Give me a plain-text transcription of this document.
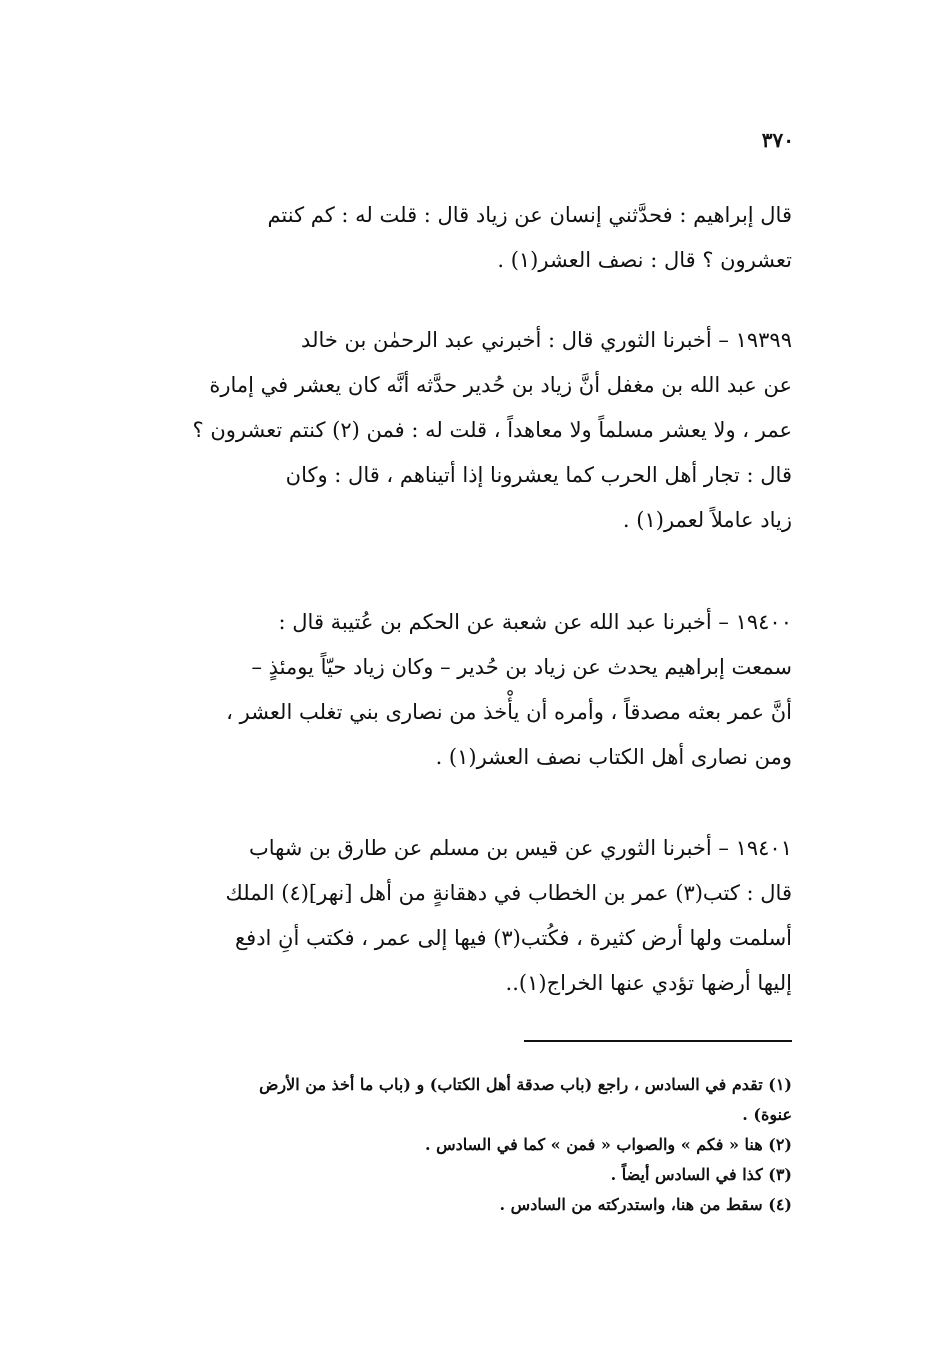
٣٧٠
قال إبراهيم : فحدَّثني إنسان عن زياد قال : قلت له : كم كنتم
تعشرون ؟ قال : نصف العشر(١) .
١٩٣٩٩ – أخبرنا الثوري قال : أخبرني عبد الرحمٰن بن خالد
عن عبد الله بن مغفل أنَّ زياد بن حُدير حدَّثه أنَّه كان يعشر في إمارة
عمر ، ولا يعشر مسلماً ولا معاهداً ، قلت له : فمن (٢) كنتم تعشرون ؟
قال : تجار أهل الحرب كما يعشرونا إذا أتيناهم ، قال : وكان
زياد عاملاً لعمر(١) .
١٩٤٠٠ – أخبرنا عبد الله عن شعبة عن الحكم بن عُتيبة قال :
سمعت إبراهيم يحدث عن زياد بن حُدير – وكان زياد حيّاً يومئذٍ –
أنَّ عمر بعثه مصدقاً ، وأمره أن يأْخذ من نصارى بني تغلب العشر ،
ومن نصارى أهل الكتاب نصف العشر(١) .
١٩٤٠١ – أخبرنا الثوري عن قيس بن مسلم عن طارق بن شهاب
قال : كتب(٣) عمر بن الخطاب في دهقانةٍ من أهل [نهر](٤) الملك
أسلمت ولها أرض كثيرة ، فكُتب(٣) فيها إلى عمر ، فكتب أنِ ادفع
إليها أرضها تؤدي عنها الخراج(١)..
(١) تقدم في السادس ، راجع (باب صدقة أهل الكتاب) و (باب ما أخذ من الأرض
عنوة) .
(٢) هنا « فكم » والصواب « فمن » كما في السادس .
(٣) كذا في السادس أيضاً .
(٤) سقط من هنا، واستدركته من السادس .
